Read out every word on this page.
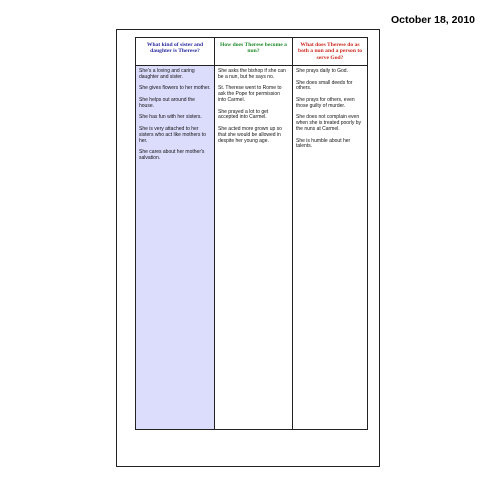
October 18, 2010
What kind of sister and daughter is Therese?

She's a loving and caring daughter and sister.

She gives flowers to her mother.

She helps out around the house.

She has fun with her sisters.

She is very attached to her sisters who act like mothers to her.

She cares about her mother's salvation.

How does Therese become a nun?

She asks the bishop if she can be a nun, but he says no.

St. Therese went to Rome to ask the Pope for permission into Carmel.

She prayed a lot to get accepted into Carmel.

She acted more grown up so that she would be allowed in despite her young age.

What does Therese do as both a nun and a person to serve God?

She prays daily to God.

She does small deeds for others.

She prays for others, even those guilty of murder.

She does not complain even when she is treated poorly by the nuns at Carmel.

She is humble about her talents.
